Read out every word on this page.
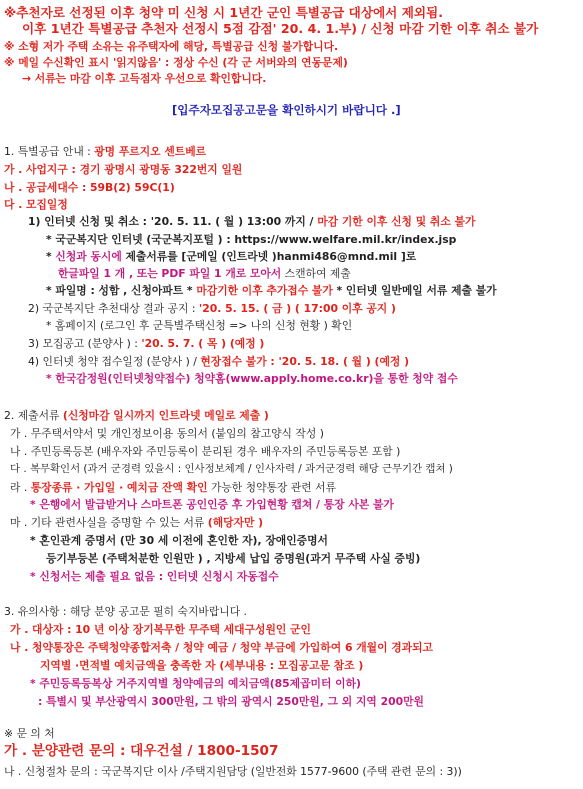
※추천자로 선정된 이후 청약 미 신청 시 1년간 군인 특별공급 대상에서 제외됨.
이후 1년간 특별공급 추천자 선정시 5점 감점' 20. 4. 1.부) / 신청 마감 기한 이후 취소 불가
※ 소형 저가 주택 소유는 유주택자에 해당, 특별공급 신청 불가합니다.
※ 메일 수신확인 표시 '읽지않음' : 정상 수신 (각 군 서버와의 연동문제)
→ 서류는 마감 이후 고득점자 우선으로 확인합니다.
[입주자모집공고문을 확인하시기 바랍니다 .]
1. 특별공급 안내 : 광명 푸르지오 센트베르
가 . 사업지구 : 경기 광명시 광명동 322번지 일원
나 . 공급세대수 : 59B(2) 59C(1)
다 . 모집일정
1) 인터넷 신청 및 취소 : '20. 5. 11. ( 월 ) 13:00 까지 / 마감 기한 이후 신청 및 취소 불가
* 국군복지단 인터넷 (국군복지포털 ) : https://www.welfare.mil.kr/index.jsp
* 신청과 동시에 제출서류를 [군메일 (인트라넷 )hanmi486@mnd.mil ]로
한글파일 1 개 , 또는 PDF 파일 1 개로 모아서 스캔하여 제출
* 파일명 : 성함 , 신청아파트 * 마감기한 이후 추가접수 불가 * 인터넷 일반메일 서류 제출 불가
2) 국군복지단 추천대상 결과 공지 : '20. 5. 15. ( 금 ) ( 17:00 이후 공지 )
* 홈페이지 (로그인 후 군특별주택신청 => 나의 신청 현황 ) 확인
3) 모집공고 (분양사 ) : '20. 5. 7. ( 목 ) (예정 )
4) 인터넷 청약 접수일정 (분양사 ) / 현장접수 불가 : '20. 5. 18. ( 월 ) (예정 )
* 한국감정원(인터넷청약접수) 청약홈(www.apply.home.co.kr)을 통한 청약 접수
2. 제출서류 (신청마감 일시까지 인트라넷 메일로 제출 )
가 . 무주택서약서 및 개인정보이용 동의서 (붙임의 참고양식 작성 )
나 . 주민등록등본 (배우자와 주민등록이 분리된 경우 배우자의 주민등록등본 포함 )
다 . 복무확인서 (과거 군경력 있을시 : 인사정보체계 / 인사자력 / 과거군경력 해당 근무기간 캡쳐 )
라 . 통장종류 · 가입일 · 예치금 잔액 확인 가능한 청약통장 관련 서류
* 은행에서 발급받거나 스마트폰 공인인증 후 가입현황 캡쳐 / 통장 사본 불가
마 . 기타 관련사실을 증명할 수 있는 서류 (해당자만 )
* 혼인관계 증명서 (만 30 세 이전에 혼인한 자), 장애인증명서
등기부등본 (주택처분한 인원만 ) , 지방세 납입 증명원(과거 무주택 사실 증빙)
* 신청서는 제출 필요 없음 : 인터넷 신청시 자동접수
3. 유의사항 : 해당 분양 공고문 필히 숙지바랍니다 .
가 . 대상자 : 10 년 이상 장기복무한 무주택 세대구성원인 군인
나 . 청약통장은 주택청약종합저축 / 청약 예금 / 청약 부금에 가입하여 6 개월이 경과되고
지역별 ·면적별 예치금액을 충족한 자 (세부내용 : 모집공고문 참조 )
* 주민등록등복상 거주지역별 청약예금의 예치금액(85제곱미터 이하)
: 특별시 및 부산광역시 300만원, 그 밖의 광역시 250만원, 그 외 지역 200만원
※ 문 의 처
가 . 분양관련 문의 : 대우건설 / 1800-1507
나 . 신청절차 문의 : 국군복지단 이사 /주택지원담당 (일반전화 1577-9600 (주택 관련 문의 : 3))
